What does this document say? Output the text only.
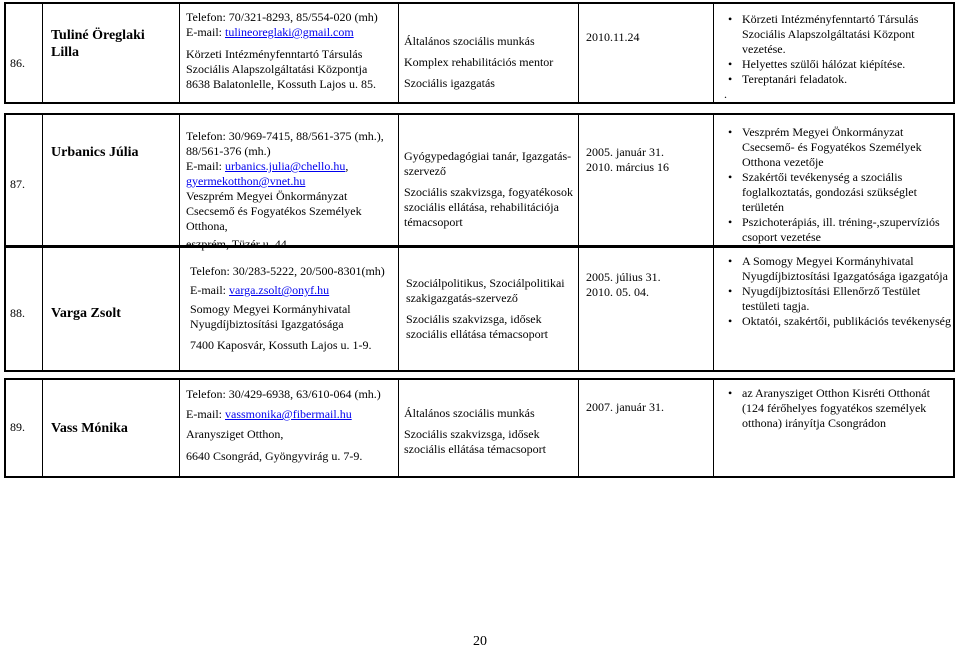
86.
Tuliné Öreglaki Lilla
Telefon: 70/321-8293, 85/554-020 (mh)
E-mail: tulineoreglaki@gmail.com
Körzeti Intézményfenntartó Társulás Szociális Alapszolgáltatási Központja
8638 Balatonlelle, Kossuth Lajos u. 85.
Általános szociális munkás
Komplex rehabilitációs mentor
Szociális igazgatás
2010.11.24
• Körzeti Intézményfenntartó Társulás Szociális Alapszolgáltatási Központ vezetése.
• Helyettes szülői hálózat kiépítése.
• Tereptanári feladatok.
.
87.
Urbanics Júlia
Telefon: 30/969-7415, 88/561-375 (mh.), 88/561-376 (mh.)
E-mail: urbanics.julia@chello.hu,
gyermekotthon@vnet.hu
Veszprém Megyei Önkormányzat Csecsemő és Fogyatékos Személyek Otthona,
eszprém, Tüzér u. 44.
Gyógypedagógiai tanár, Igazgatás-szervező
Szociális szakvizsga, fogyatékosok szociális ellátása, rehabilitációja témacsoport
2005. január 31.
2010. március 16
• Veszprém Megyei Önkormányzat Csecsemő- és Fogyatékos Személyek Otthona vezetője
• Szakértői tevékenység a szociális foglalkoztatás, gondozási szükséglet területén
• Pszichoterápiás, ill. tréning-,szupervíziós csoport vezetése
88.	Varga Zsolt
Telefon: 30/283-5222, 20/500-8301(mh)
E-mail: varga.zsolt@onyf.hu
Somogy Megyei Kormányhivatal Nyugdíjbiztosítási Igazgatósága
7400 Kaposvár, Kossuth Lajos u. 1-9.
Szociálpolitikus, Szociálpolitikai szakigazgatás-szervező
Szociális szakvizsga, idősek szociális ellátása témacsoport
2005. július 31.
2010. 05. 04.
• A Somogy Megyei Kormányhivatal Nyugdíjbiztosítási Igazgatósága igazgatója
• Nyugdíjbiztosítási Ellenőrző Testület testületi tagja.
• Oktatói, szakértői, publikációs tevékenység
89.	Vass Mónika
Telefon: 30/429-6938, 63/610-064 (mh.)
E-mail: vassmonika@fibermail.hu
Aranysziget Otthon,
6640 Csongrád, Gyöngyvirág u. 7-9.
Általános szociális munkás
Szociális szakvizsga, idősek szociális ellátása témacsoport
2007. január 31.
• az Aranysziget Otthon Kisréti Otthonát (124 férőhelyes fogyatékos személyek otthona) irányítja Csongrádon
20
